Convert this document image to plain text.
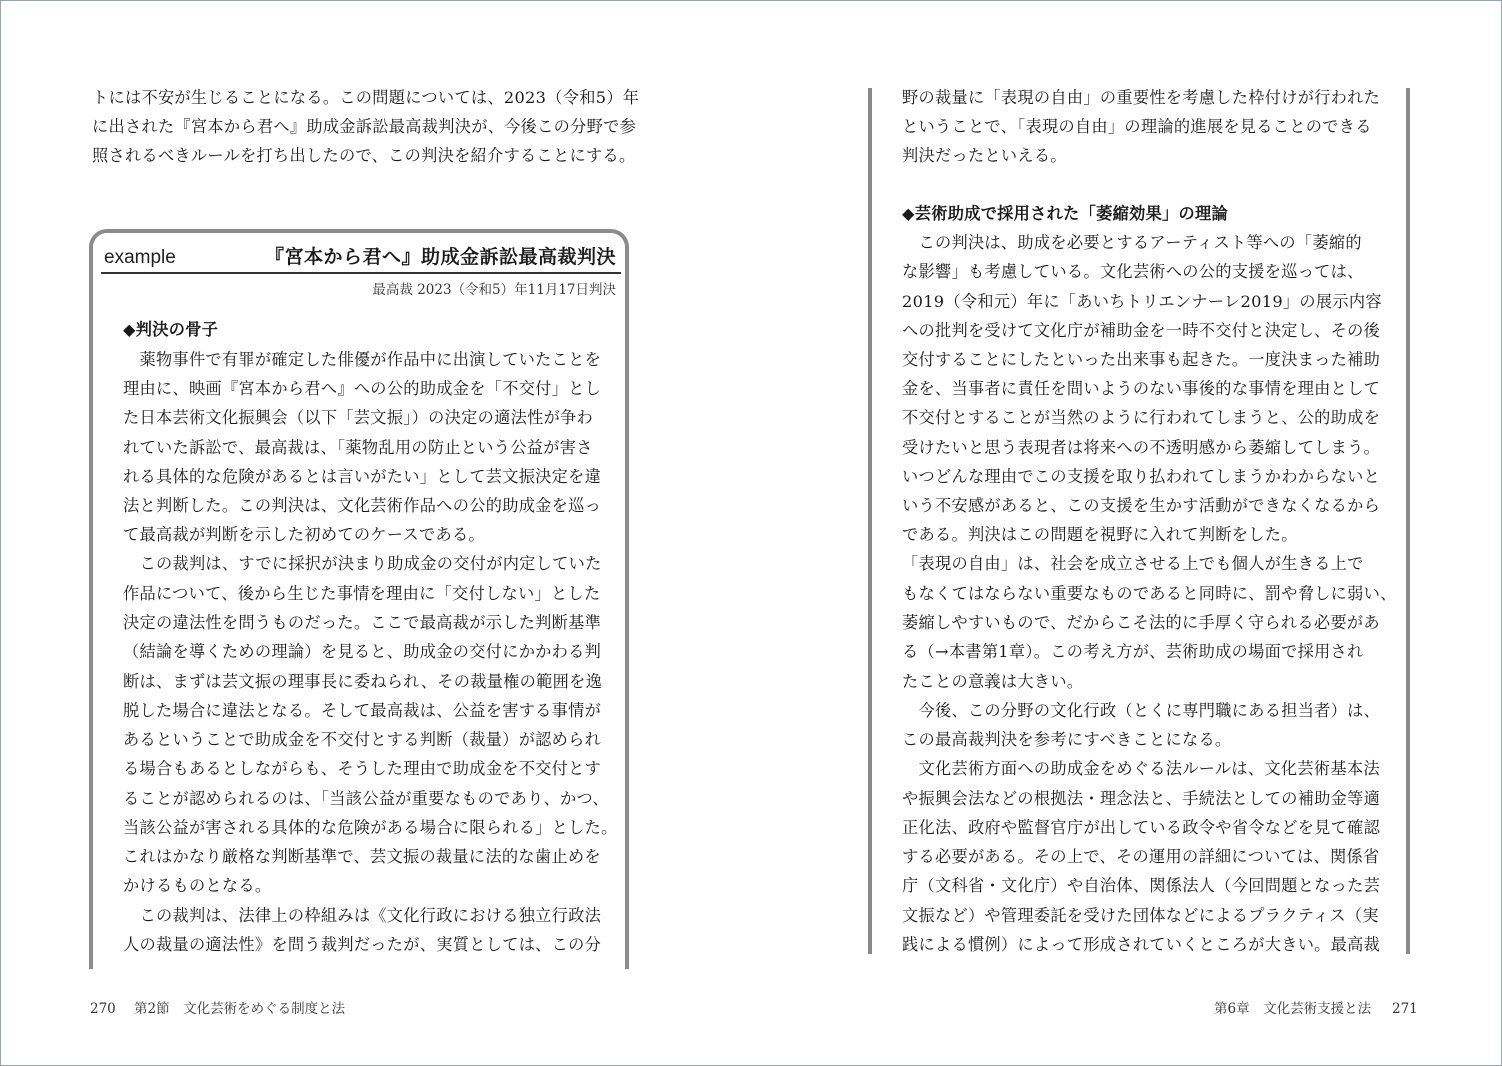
トには不安が生じることになる。この問題については、2023（令和5）年
に出された『宮本から君へ』助成金訴訟最高裁判決が、今後この分野で参
照されるべきルールを打ち出したので、この判決を紹介することにする。
example	『宮本から君へ』助成金訴訟最高裁判決
最高裁 2023（令和5）年11月17日判決
◆判決の骨子
　薬物事件で有罪が確定した俳優が作品中に出演していたことを
理由に、映画『宮本から君へ』への公的助成金を「不交付」とし
た日本芸術文化振興会（以下「芸文振」）の決定の適法性が争わ
れていた訴訟で、最高裁は、「薬物乱用の防止という公益が害さ
れる具体的な危険があるとは言いがたい」として芸文振決定を違
法と判断した。この判決は、文化芸術作品への公的助成金を巡っ
て最高裁が判断を示した初めてのケースである。
　この裁判は、すでに採択が決まり助成金の交付が内定していた
作品について、後から生じた事情を理由に「交付しない」とした
決定の違法性を問うものだった。ここで最高裁が示した判断基準
（結論を導くための理論）を見ると、助成金の交付にかかわる判
断は、まずは芸文振の理事長に委ねられ、その裁量権の範囲を逸
脱した場合に違法となる。そして最高裁は、公益を害する事情が
あるということで助成金を不交付とする判断（裁量）が認められ
る場合もあるとしながらも、そうした理由で助成金を不交付とす
ることが認められるのは、「当該公益が重要なものであり、かつ、
当該公益が害される具体的な危険がある場合に限られる」とした。
これはかなり厳格な判断基準で、芸文振の裁量に法的な歯止めを
かけるものとなる。
　この裁判は、法律上の枠組みは《文化行政における独立行政法
人の裁量の適法性》を問う裁判だったが、実質としては、この分
270 第2節　文化芸術をめぐる制度と法
野の裁量に「表現の自由」の重要性を考慮した枠付けが行われた
ということで、「表現の自由」の理論的進展を見ることのできる
判決だったといえる。
◆芸術助成で採用された「萎縮効果」の理論
　この判決は、助成を必要とするアーティスト等への「萎縮的
な影響」も考慮している。文化芸術への公的支援を巡っては、
2019（令和元）年に「あいちトリエンナーレ2019」の展示内容
への批判を受けて文化庁が補助金を一時不交付と決定し、その後
交付することにしたといった出来事も起きた。一度決まった補助
金を、当事者に責任を問いようのない事後的な事情を理由として
不交付とすることが当然のように行われてしまうと、公的助成を
受けたいと思う表現者は将来への不透明感から萎縮してしまう。
いつどんな理由でこの支援を取り払われてしまうかわからないと
いう不安感があると、この支援を生かす活動ができなくなるから
である。判決はこの問題を視野に入れて判断をした。
「表現の自由」は、社会を成立させる上でも個人が生きる上で
もなくてはならない重要なものであると同時に、罰や脅しに弱い、
萎縮しやすいもので、だからこそ法的に手厚く守られる必要があ
る（→本書第1章）。この考え方が、芸術助成の場面で採用され
たことの意義は大きい。
　今後、この分野の文化行政（とくに専門職にある担当者）は、
この最高裁判決を参考にすべきことになる。
　文化芸術方面への助成金をめぐる法ルールは、文化芸術基本法
や振興会法などの根拠法・理念法と、手続法としての補助金等適
正化法、政府や監督官庁が出している政令や省令などを見て確認
する必要がある。その上で、その運用の詳細については、関係省
庁（文科省・文化庁）や自治体、関係法人（今回問題となった芸
文振など）や管理委託を受けた団体などによるプラクティス（実
践による慣例）によって形成されていくところが大きい。最高裁
第6章　文化芸術支援と法 271
